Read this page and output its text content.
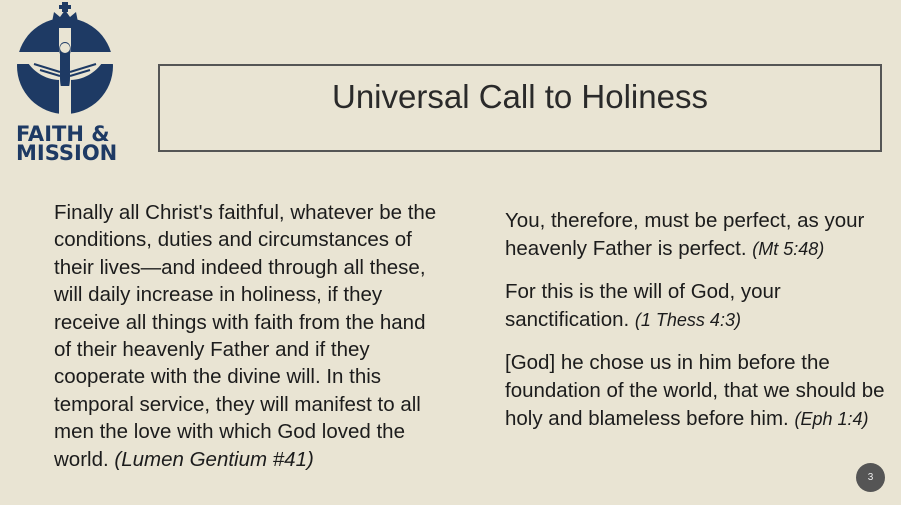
FAITH &
MISSION
Universal Call to Holiness

Finally all Christ's faithful, whatever be the conditions, duties and circumstances of their lives—and indeed through all these, will daily increase in holiness, if they receive all things with faith from the hand of their heavenly Father and if they cooperate with the divine will. In this temporal service, they will manifest to all men the love with which God loved the world. (Lumen Gentium #41)

You, therefore, must be perfect, as your heavenly Father is perfect. (Mt 5:48)

For this is the will of God, your sanctification. (1 Thess 4:3)

[God] he chose us in him before the foundation of the world, that we should be holy and blameless before him. (Eph 1:4)

3
